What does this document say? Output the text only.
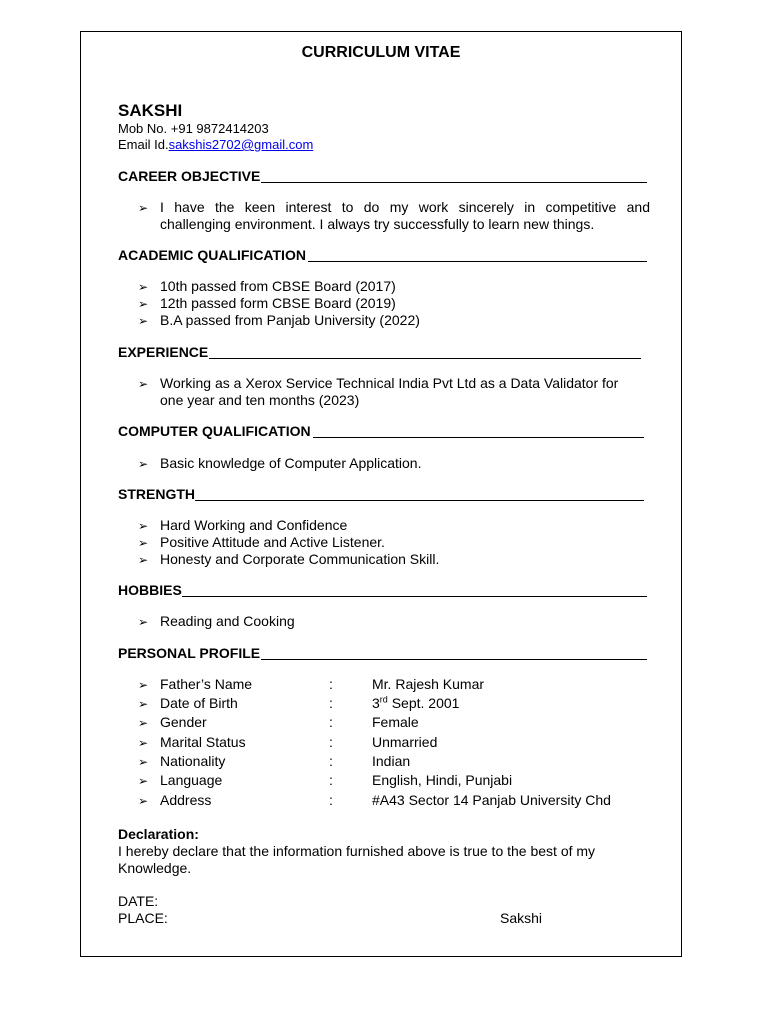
CURRICULUM VITAE
SAKSHI
Mob No. +91 9872414203
Email Id.sakshis2702@gmail.com
CAREER OBJECTIVE
➢ I have the keen interest to do my work sincerely in competitive and
challenging environment. I always try successfully to learn new things.
ACADEMIC QUALIFICATION
➢ 10th passed from CBSE Board (2017)
➢ 12th passed form CBSE Board (2019)
➢ B.A passed from Panjab University (2022)
EXPERIENCE
➢ Working as a Xerox Service Technical India Pvt Ltd as a Data Validator for
one year and ten months (2023)
COMPUTER QUALIFICATION
➢ Basic knowledge of Computer Application.
STRENGTH
➢ Hard Working and Confidence
➢ Positive Attitude and Active Listener.
➢ Honesty and Corporate Communication Skill.
HOBBIES
➢ Reading and Cooking
PERSONAL PROFILE
➢ Father’s Name	:	Mr. Rajesh Kumar
➢ Date of Birth	:	3rd Sept. 2001
➢ Gender	:	Female
➢ Marital Status	:	Unmarried
➢ Nationality	:	Indian
➢ Language	:	English, Hindi, Punjabi
➢ Address	:	#A43 Sector 14 Panjab University Chd
Declaration:
I hereby declare that the information furnished above is true to the best of my Knowledge.
DATE:
PLACE:	Sakshi
